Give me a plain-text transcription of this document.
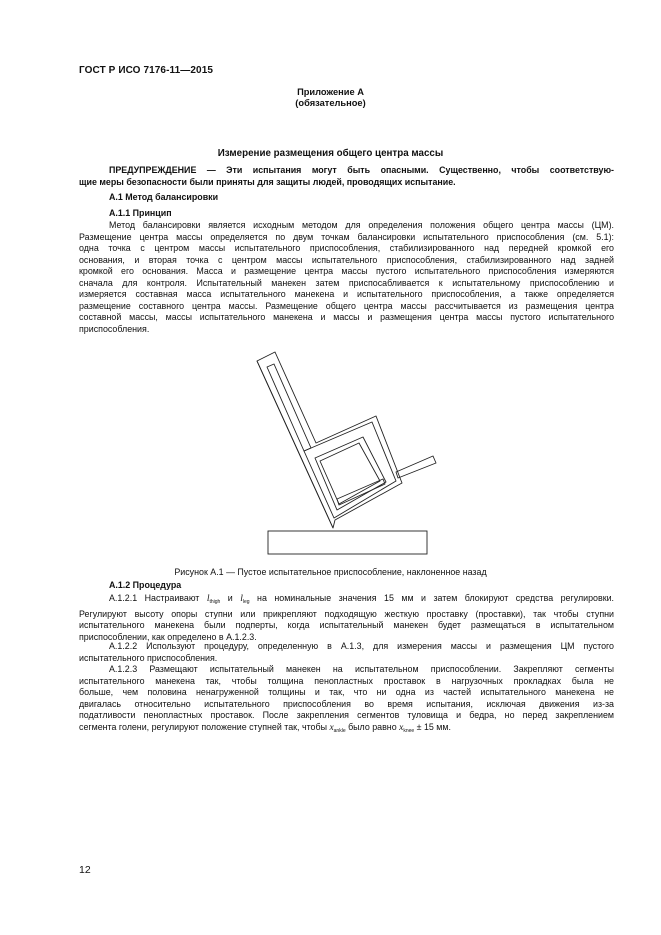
ГОСТ Р ИСО 7176-11—2015
Приложение А
(обязательное)
Измерение размещения общего центра массы
ПРЕДУПРЕЖДЕНИЕ — Эти испытания могут быть опасными. Существенно, чтобы соответствую-
щие меры безопасности были приняты для защиты людей, проводящих испытание.
А.1 Метод балансировки
А.1.1 Принцип
Метод балансировки является исходным методом для определения положения общего центра массы (ЦМ).
Размещение центра массы определяется по двум точкам балансировки испытательного приспособления (см. 5.1):
одна точка с центром массы испытательного приспособления, стабилизированного над передней кромкой его
основания, и вторая точка с центром массы испытательного приспособления, стабилизированного над задней
кромкой его основания. Масса и размещение центра массы пустого испытательного приспособления измеряются
сначала для контроля. Испытательный манекен затем приспосабливается к испытательному приспособлению и
измеряется составная масса испытательного манекена и испытательного приспособления, а также определяется
размещение составного центра массы. Размещение общего центра массы рассчитывается из размещения центра
составной массы, массы испытательного манекена и массы и размещения центра массы пустого испытательного
приспособления.
Рисунок А.1 — Пустое испытательное приспособление, наклоненное назад
А.1.2 Процедура
А.1.2.1 Настраивают $l_{thigh}$ и $l_{leg}$ на номинальные значения 15 мм и затем блокируют средства регулировки.
Регулируют высоту опоры ступни или прикрепляют подходящую жесткую проставку (проставки), так чтобы ступни
испытательного манекена были подперты, когда испытательный манекен будет размещаться в испытательном
приспособлении, как определено в А.1.2.3.
А.1.2.2 Используют процедуру, определенную в А.1.3, для измерения массы и размещения ЦМ пустого
испытательного приспособления.
А.1.2.3 Размещают испытательный манекен на испытательном приспособлении. Закрепляют сегменты
испытательного манекена так, чтобы толщина пенопластных проставок в нагрузочных прокладках была не
больше, чем половина ненагруженной толщины и так, что ни одна из частей испытательного манекена не
двигалась относительно испытательного приспособления во время испытания, исключая движения из-за
податливости пенопластных проставок. После закрепления сегментов туловища и бедра, но перед закреплением
сегмента голени, регулируют положение ступней так, чтобы $x_{ankle}$ было равно $x_{knee} \pm 15$ мм.
12
